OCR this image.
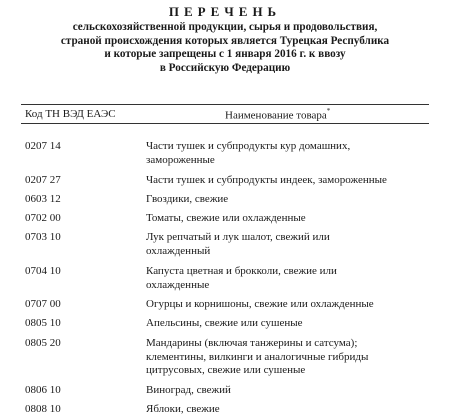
ПЕРЕЧЕНЬ
сельскохозяйственной продукции, сырья и продовольствия,
страной происхождения которых является Турецкая Республика
и которые запрещены с 1 января 2016 г. к ввозу
в Российскую Федерацию
Код ТН ВЭД ЕАЭС	Наименование товара*
0207 14	Части тушек и субпродукты кур домашних,
замороженные
0207 27	Части тушек и субпродукты индеек, замороженные
0603 12	Гвоздики, свежие
0702 00	Томаты, свежие или охлажденные
0703 10	Лук репчатый и лук шалот, свежий или
охлажденный
0704 10	Капуста цветная и брокколи, свежие или
охлажденные
0707 00	Огурцы и корнишоны, свежие или охлажденные
0805 10	Апельсины, свежие или сушеные
0805 20	Мандарины (включая танжерины и сатсума);
клементины, вилкинги и аналогичные гибриды
цитрусовых, свежие или сушеные
0806 10	Виноград, свежий
0808 10	Яблоки, свежие
